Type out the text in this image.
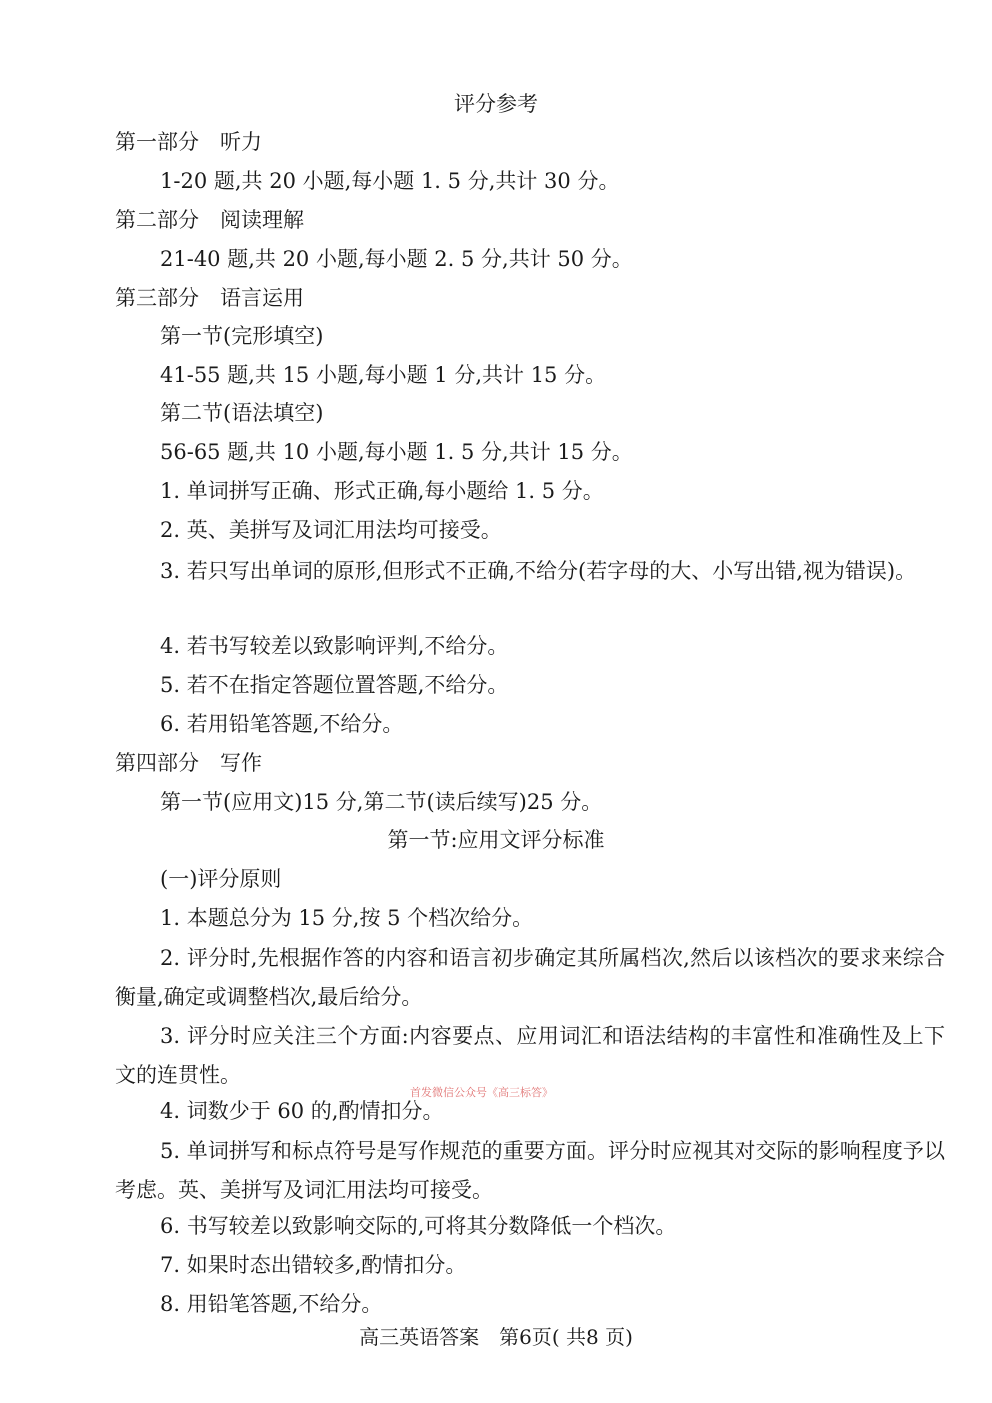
评分参考
第一部分　听力
1-20 题,共 20 小题,每小题 1. 5 分,共计 30 分。
第二部分　阅读理解
21-40 题,共 20 小题,每小题 2. 5 分,共计 50 分。
第三部分　语言运用
第一节(完形填空)
41-55 题,共 15 小题,每小题 1 分,共计 15 分。
第二节(语法填空)
56-65 题,共 10 小题,每小题 1. 5 分,共计 15 分。
1. 单词拼写正确、形式正确,每小题给 1. 5 分。
2. 英、美拼写及词汇用法均可接受。
3. 若只写出单词的原形,但形式不正确,不给分(若字母的大、小写出错,视为错误)。
4. 若书写较差以致影响评判,不给分。
5. 若不在指定答题位置答题,不给分。
6. 若用铅笔答题,不给分。
第四部分　写作
第一节(应用文)15 分,第二节(读后续写)25 分。
第一节:应用文评分标准
(一)评分原则
1. 本题总分为 15 分,按 5 个档次给分。
2. 评分时,先根据作答的内容和语言初步确定其所属档次,然后以该档次的要求来综合衡量,确定或调整档次,最后给分。
3. 评分时应关注三个方面:内容要点、应用词汇和语法结构的丰富性和准确性及上下文的连贯性。
4. 词数少于 60 的,酌情扣分。
5. 单词拼写和标点符号是写作规范的重要方面。评分时应视其对交际的影响程度予以考虑。英、美拼写及词汇用法均可接受。
6. 书写较差以致影响交际的,可将其分数降低一个档次。
7. 如果时态出错较多,酌情扣分。
8. 用铅笔答题,不给分。
首发微信公众号《高三标答》
高三英语答案　第6页( 共8 页)
